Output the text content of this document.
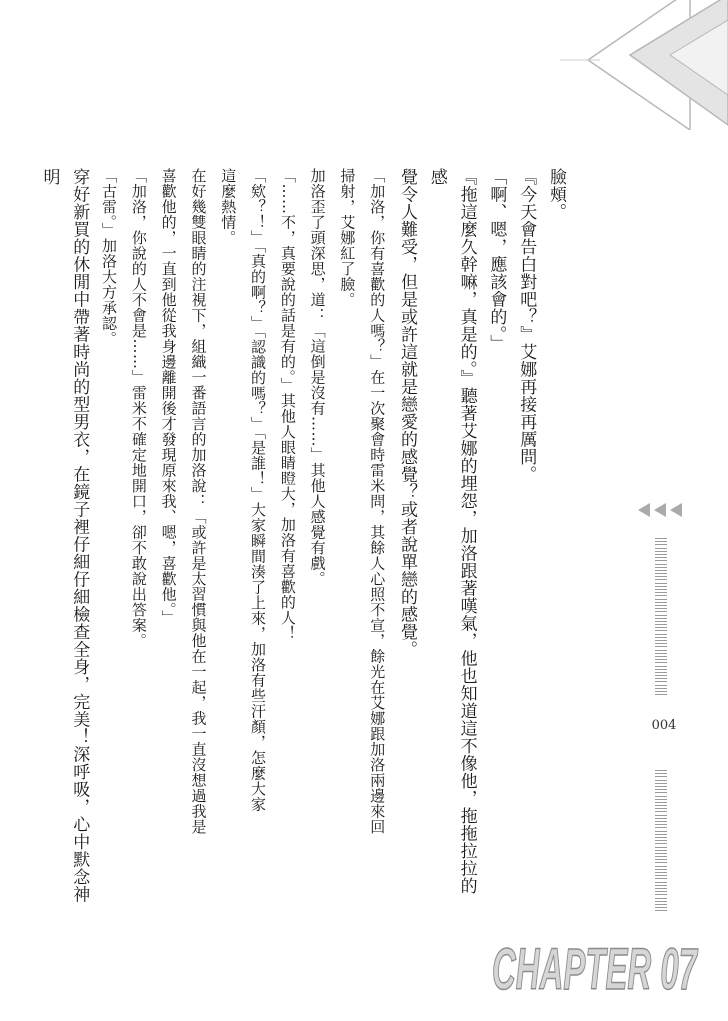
臉頰。

『今天會告白對吧？』艾娜再接再厲問。

「啊、嗯，應該會的。」

『拖這麼久幹嘛，真是的。』聽著艾娜的埋怨，加洛跟著嘆氣，他也知道這不像他，拖拖拉拉的感

覺令人難受，但是或許這就是戀愛的感覺？或者說單戀的感覺。

「加洛，你有喜歡的人嗎？」在一次聚會時雷米問，其餘人心照不宣，餘光在艾娜跟加洛兩邊來回

掃射，艾娜紅了臉。

加洛歪了頭深思，道：「這倒是沒有……」其他人感覺有戲。

「……不，真要說的話是有的。」其他人眼睛瞪大，加洛有喜歡的人！

「欸？！」「真的啊？」「認識的嗎？」「是誰！」大家瞬間湊了上來，加洛有些汗顏，怎麼大家

這麼熱情。

在好幾雙眼睛的注視下，組織一番語言的加洛說：「或許是太習慣與他在一起，我一直沒想過我是

喜歡他的，一直到他從我身邊離開後才發現原來我、嗯，喜歡他。」

「加洛，你說的人不會是……」雷米不確定地開口，卻不敢說出答案。

「古雷。」加洛大方承認。

穿好新買的休閒中帶著時尚的型男衣，在鏡子裡仔細仔細檢查全身，完美！深呼吸，心中默念神明

004
CHAPTER 07
